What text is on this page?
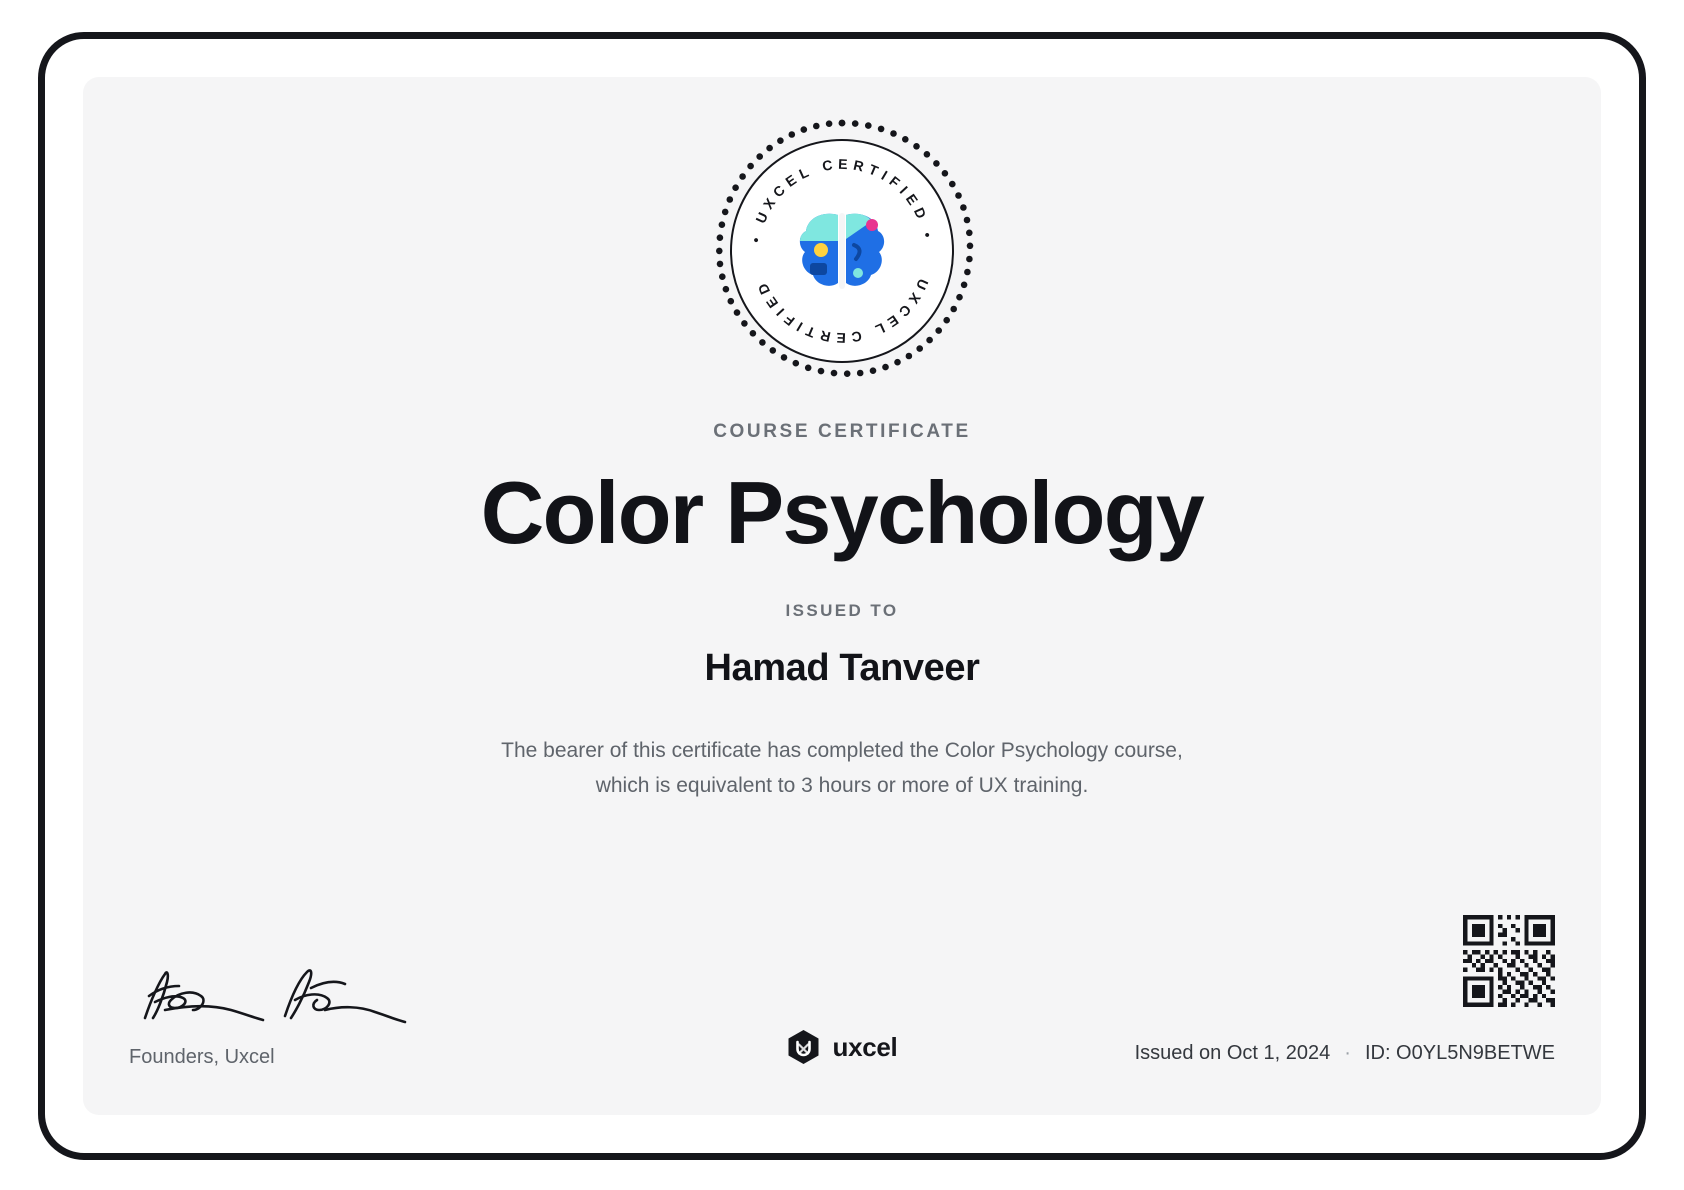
• UXCEL CERTIFIED •
UXCEL CERTIFIED
COURSE CERTIFICATE
Color Psychology
ISSUED TO
Hamad Tanveer
The bearer of this certificate has completed the Color Psychology course,
which is equivalent to 3 hours or more of UX training.
Founders, Uxcel	uxcel	Issued on Oct 1, 2024 · ID: O0YL5N9BETWE
